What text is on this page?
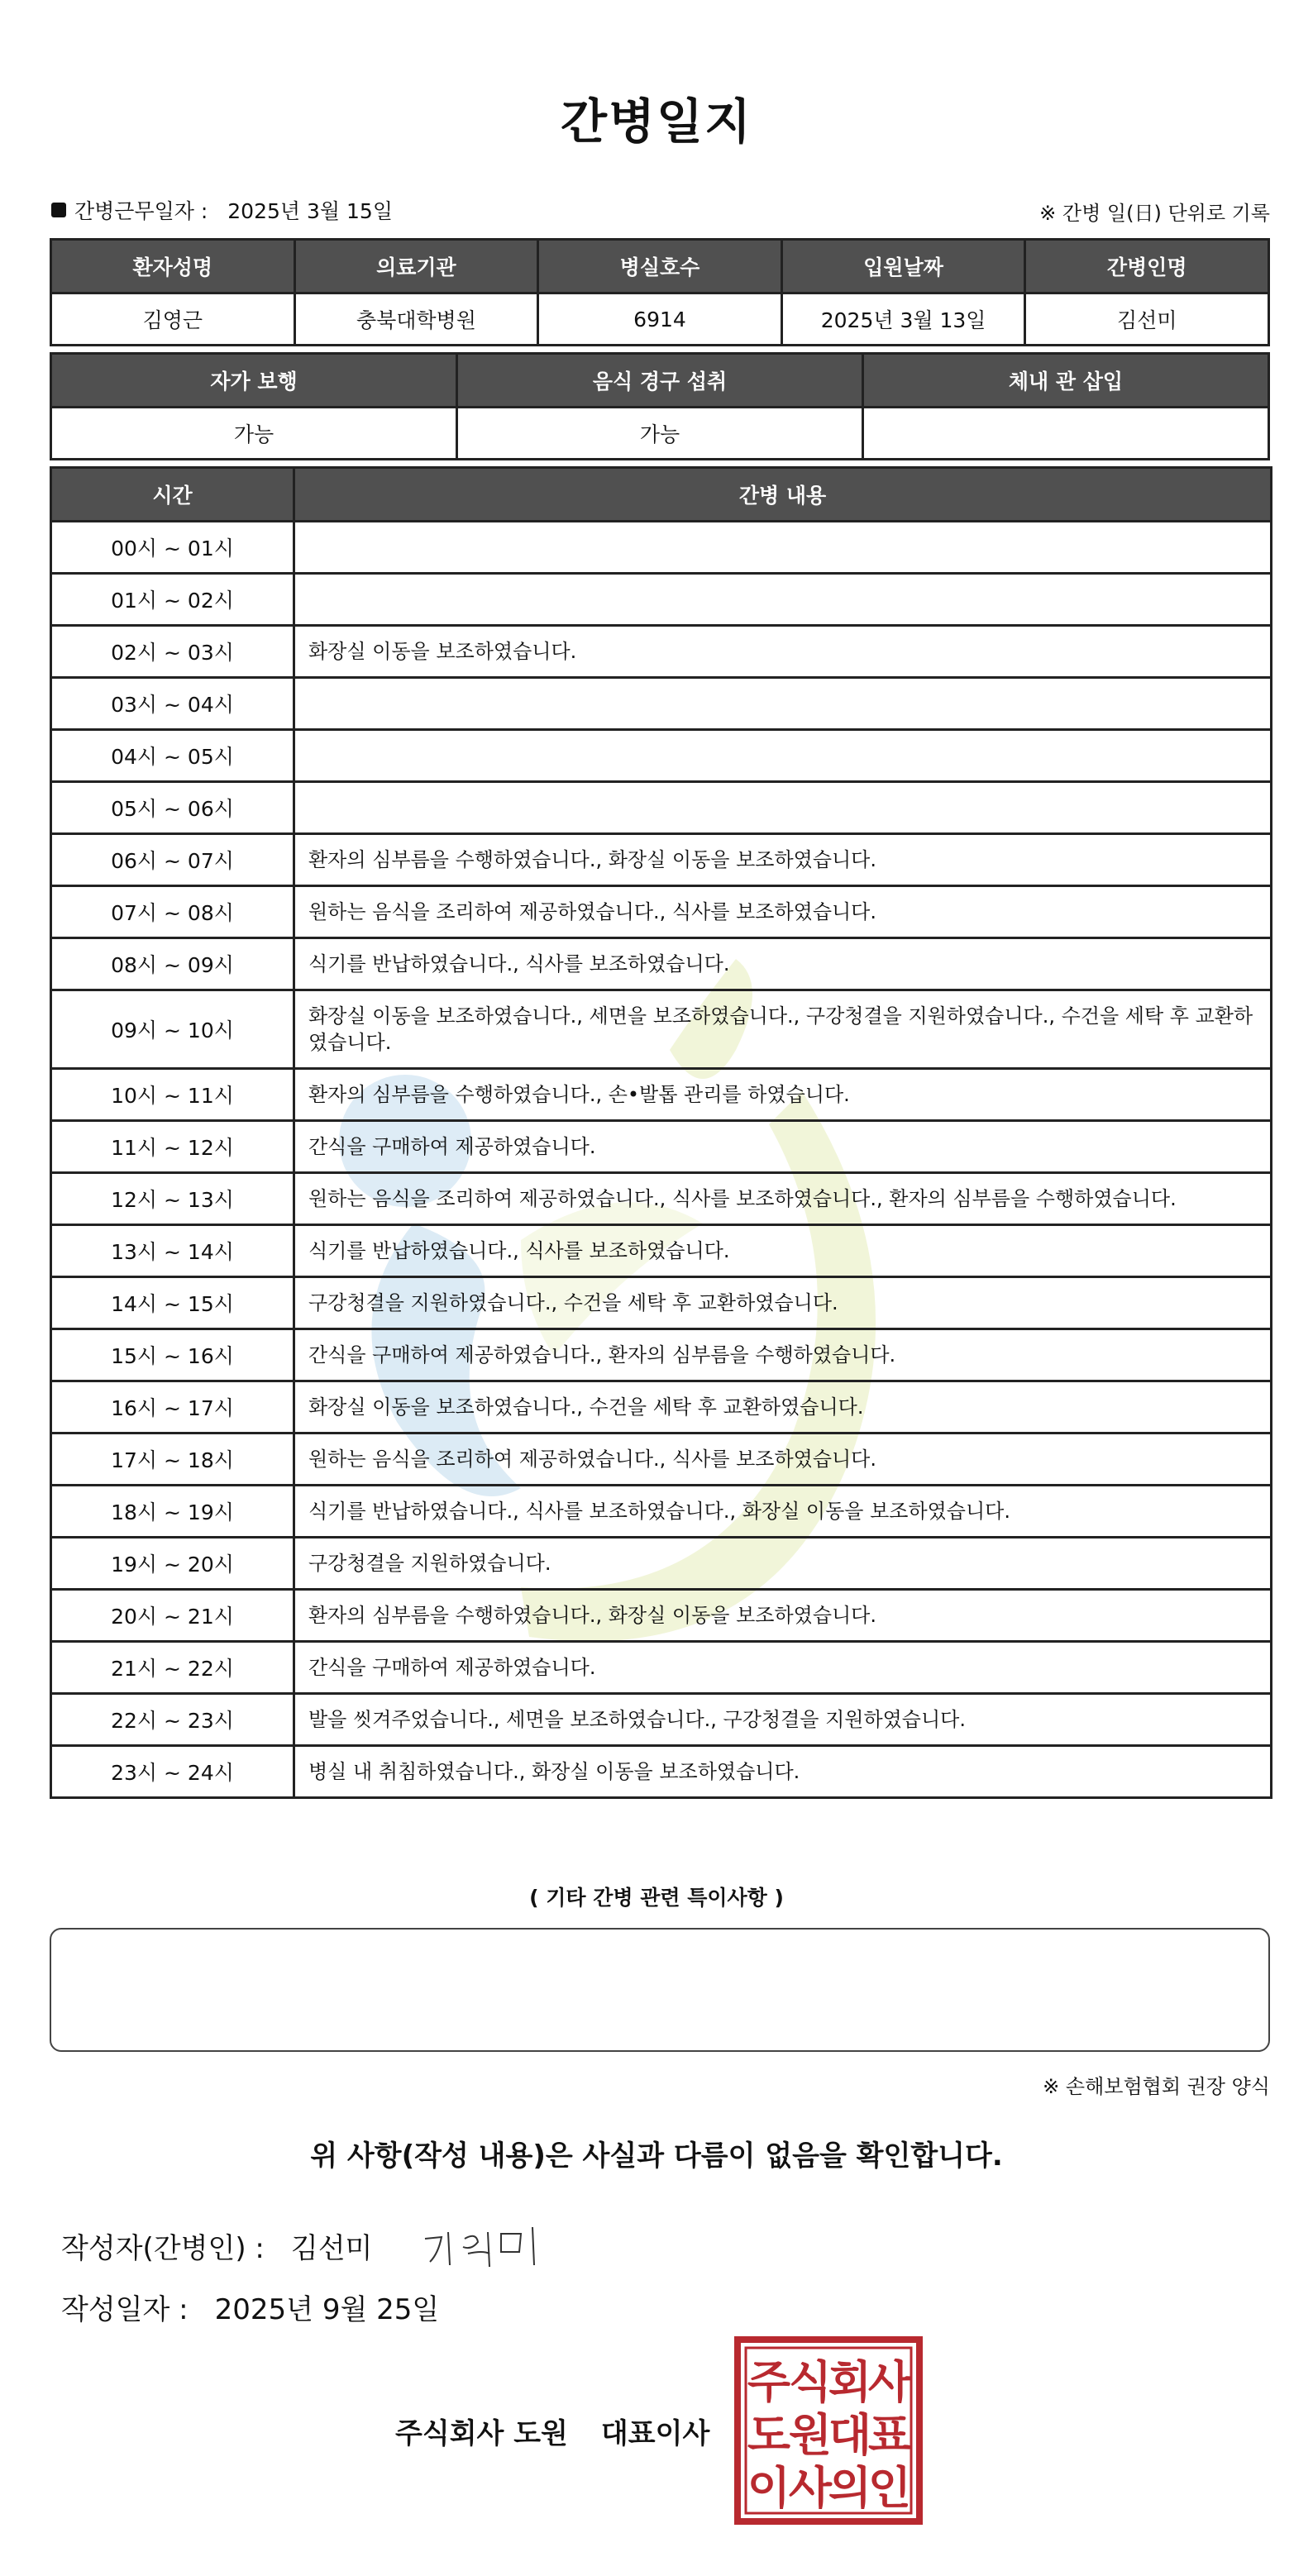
간병일지
간병근무일자 : 2025년 3월 15일	※ 간병 일(日) 단위로 기록
환자성명	의료기관	병실호수	입원날짜	간병인명
김영근	충북대학병원	6914	2025년 3월 13일	김선미
자가 보행	음식 경구 섭취	체내 관 삽입
가능	가능	
시간	간병 내용
00시 ~ 01시	
01시 ~ 02시	
02시 ~ 03시	화장실 이동을 보조하였습니다.
03시 ~ 04시	
04시 ~ 05시	
05시 ~ 06시	
06시 ~ 07시	환자의 심부름을 수행하였습니다., 화장실 이동을 보조하였습니다.
07시 ~ 08시	원하는 음식을 조리하여 제공하였습니다., 식사를 보조하였습니다.
08시 ~ 09시	식기를 반납하였습니다., 식사를 보조하였습니다.
09시 ~ 10시	화장실 이동을 보조하였습니다., 세면을 보조하였습니다., 구강청결을 지원하였습니다., 수건을 세탁 후 교환하였습니다.
10시 ~ 11시	환자의 심부름을 수행하였습니다., 손•발톱 관리를 하였습니다.
11시 ~ 12시	간식을 구매하여 제공하였습니다.
12시 ~ 13시	원하는 음식을 조리하여 제공하였습니다., 식사를 보조하였습니다., 환자의 심부름을 수행하였습니다.
13시 ~ 14시	식기를 반납하였습니다., 식사를 보조하였습니다.
14시 ~ 15시	구강청결을 지원하였습니다., 수건을 세탁 후 교환하였습니다.
15시 ~ 16시	간식을 구매하여 제공하였습니다., 환자의 심부름을 수행하였습니다.
16시 ~ 17시	화장실 이동을 보조하였습니다., 수건을 세탁 후 교환하였습니다.
17시 ~ 18시	원하는 음식을 조리하여 제공하였습니다., 식사를 보조하였습니다.
18시 ~ 19시	식기를 반납하였습니다., 식사를 보조하였습니다., 화장실 이동을 보조하였습니다.
19시 ~ 20시	구강청결을 지원하였습니다.
20시 ~ 21시	환자의 심부름을 수행하였습니다., 화장실 이동을 보조하였습니다.
21시 ~ 22시	간식을 구매하여 제공하였습니다.
22시 ~ 23시	발을 씻겨주었습니다., 세면을 보조하였습니다., 구강청결을 지원하였습니다.
23시 ~ 24시	병실 내 취침하였습니다., 화장실 이동을 보조하였습니다.
( 기타 간병 관련 특이사항 )
※ 손해보험협회 권장 양식
위 사항(작성 내용)은 사실과 다름이 없음을 확인합니다.
작성자(간병인) : 김선미
작성일자 : 2025년 9월 25일
주식회사 도원 대표이사
주
식
회
사
도
원
대
표
이
사
의
인
